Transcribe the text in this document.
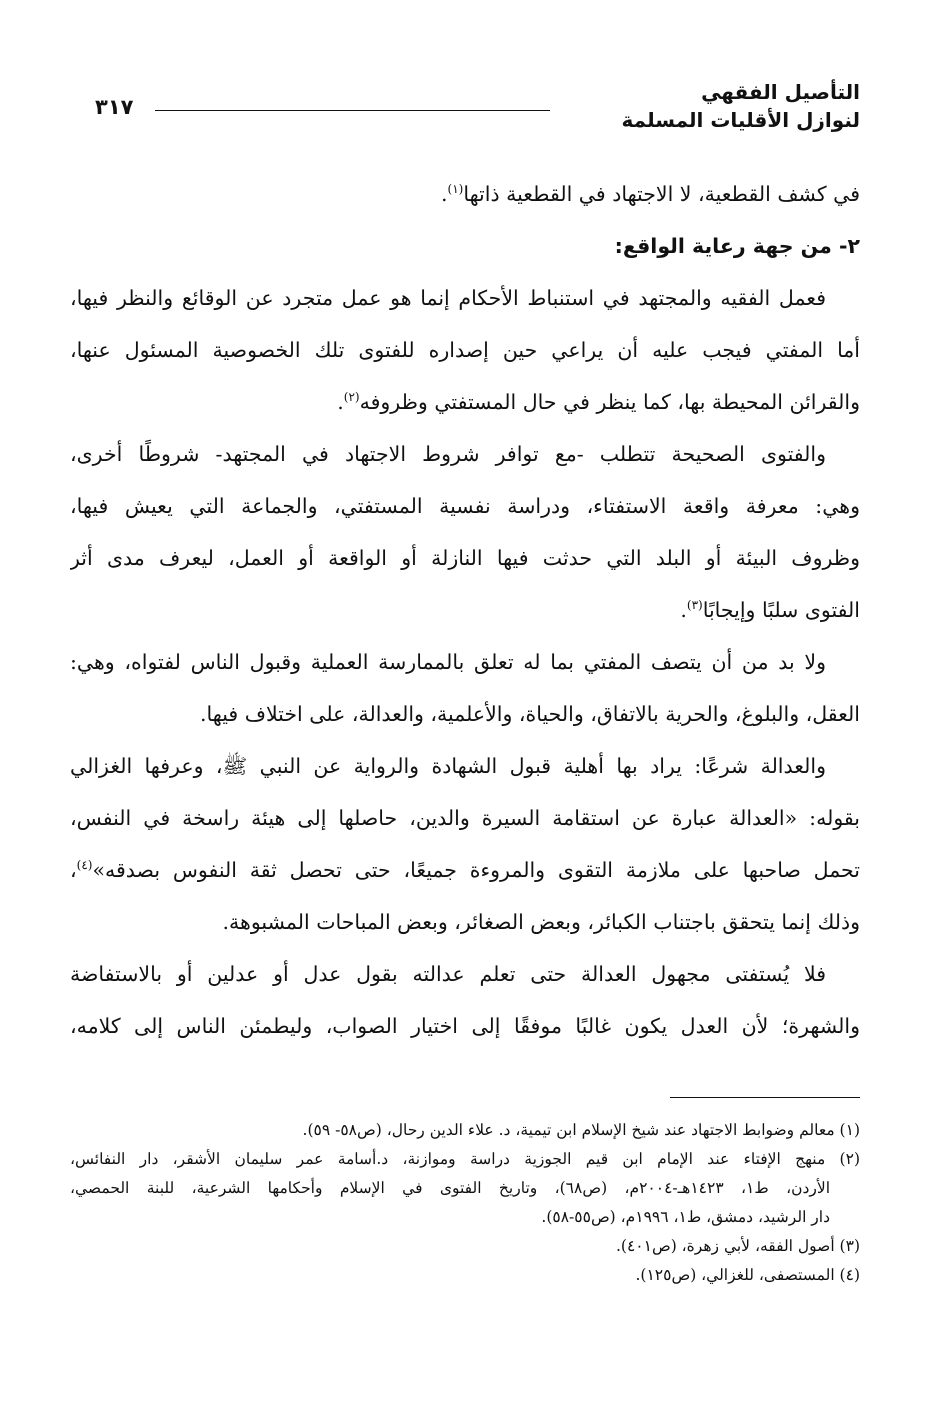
التأصيل الفقهي
لنوازل الأقليات المسلمة
٣١٧
في كشف القطعية، لا الاجتهاد في القطعية ذاتها$^{(١)}$.
٢- من جهة رعاية الواقع:
فعمل الفقيه والمجتهد في استنباط الأحكام إنما هو عمل متجرد عن الوقائع والنظر فيها،
أما المفتي فيجب عليه أن يراعي حين إصداره للفتوى تلك الخصوصية المسئول عنها،
والقرائن المحيطة بها، كما ينظر في حال المستفتي وظروفه$^{(٢)}$.
والفتوى الصحيحة تتطلب -مع توافر شروط الاجتهاد في المجتهد- شروطًا أخرى،
وهي: معرفة واقعة الاستفتاء، ودراسة نفسية المستفتي، والجماعة التي يعيش فيها،
وظروف البيئة أو البلد التي حدثت فيها النازلة أو الواقعة أو العمل، ليعرف مدى أثر
الفتوى سلبًا وإيجابًا$^{(٣)}$.
ولا بد من أن يتصف المفتي بما له تعلق بالممارسة العملية وقبول الناس لفتواه، وهي:
العقل، والبلوغ، والحرية بالاتفاق، والحياة، والأعلمية، والعدالة، على اختلاف فيها.
والعدالة شرعًا: يراد بها أهلية قبول الشهادة والرواية عن النبي ﷺ، وعرفها الغزالي
بقوله: «العدالة عبارة عن استقامة السيرة والدين، حاصلها إلى هيئة راسخة في النفس،
تحمل صاحبها على ملازمة التقوى والمروءة جميعًا، حتى تحصل ثقة النفوس بصدقه»$^{(٤)}$،
وذلك إنما يتحقق باجتناب الكبائر، وبعض الصغائر، وبعض المباحات المشبوهة.
فلا يُستفتى مجهول العدالة حتى تعلم عدالته بقول عدل أو عدلين أو بالاستفاضة
والشهرة؛ لأن العدل يكون غالبًا موفقًا إلى اختيار الصواب، وليطمئن الناس إلى كلامه،
(١) معالم وضوابط الاجتهاد عند شيخ الإسلام ابن تيمية، د. علاء الدين رحال، (ص٥٨- ٥٩).
(٢) منهج الإفتاء عند الإمام ابن قيم الجوزية دراسة وموازنة، د.أسامة عمر سليمان الأشقر، دار النفائس،
الأردن، ط١، ١٤٢٣هـ-٢٠٠٤م، (ص٦٨)، وتاريخ الفتوى في الإسلام وأحكامها الشرعية، للبنة الحمصي،
دار الرشيد، دمشق، ط١، ١٩٩٦م، (ص٥٥-٥٨).
(٣) أصول الفقه، لأبي زهرة، (ص٤٠١).
(٤) المستصفى، للغزالي، (ص١٢٥).
